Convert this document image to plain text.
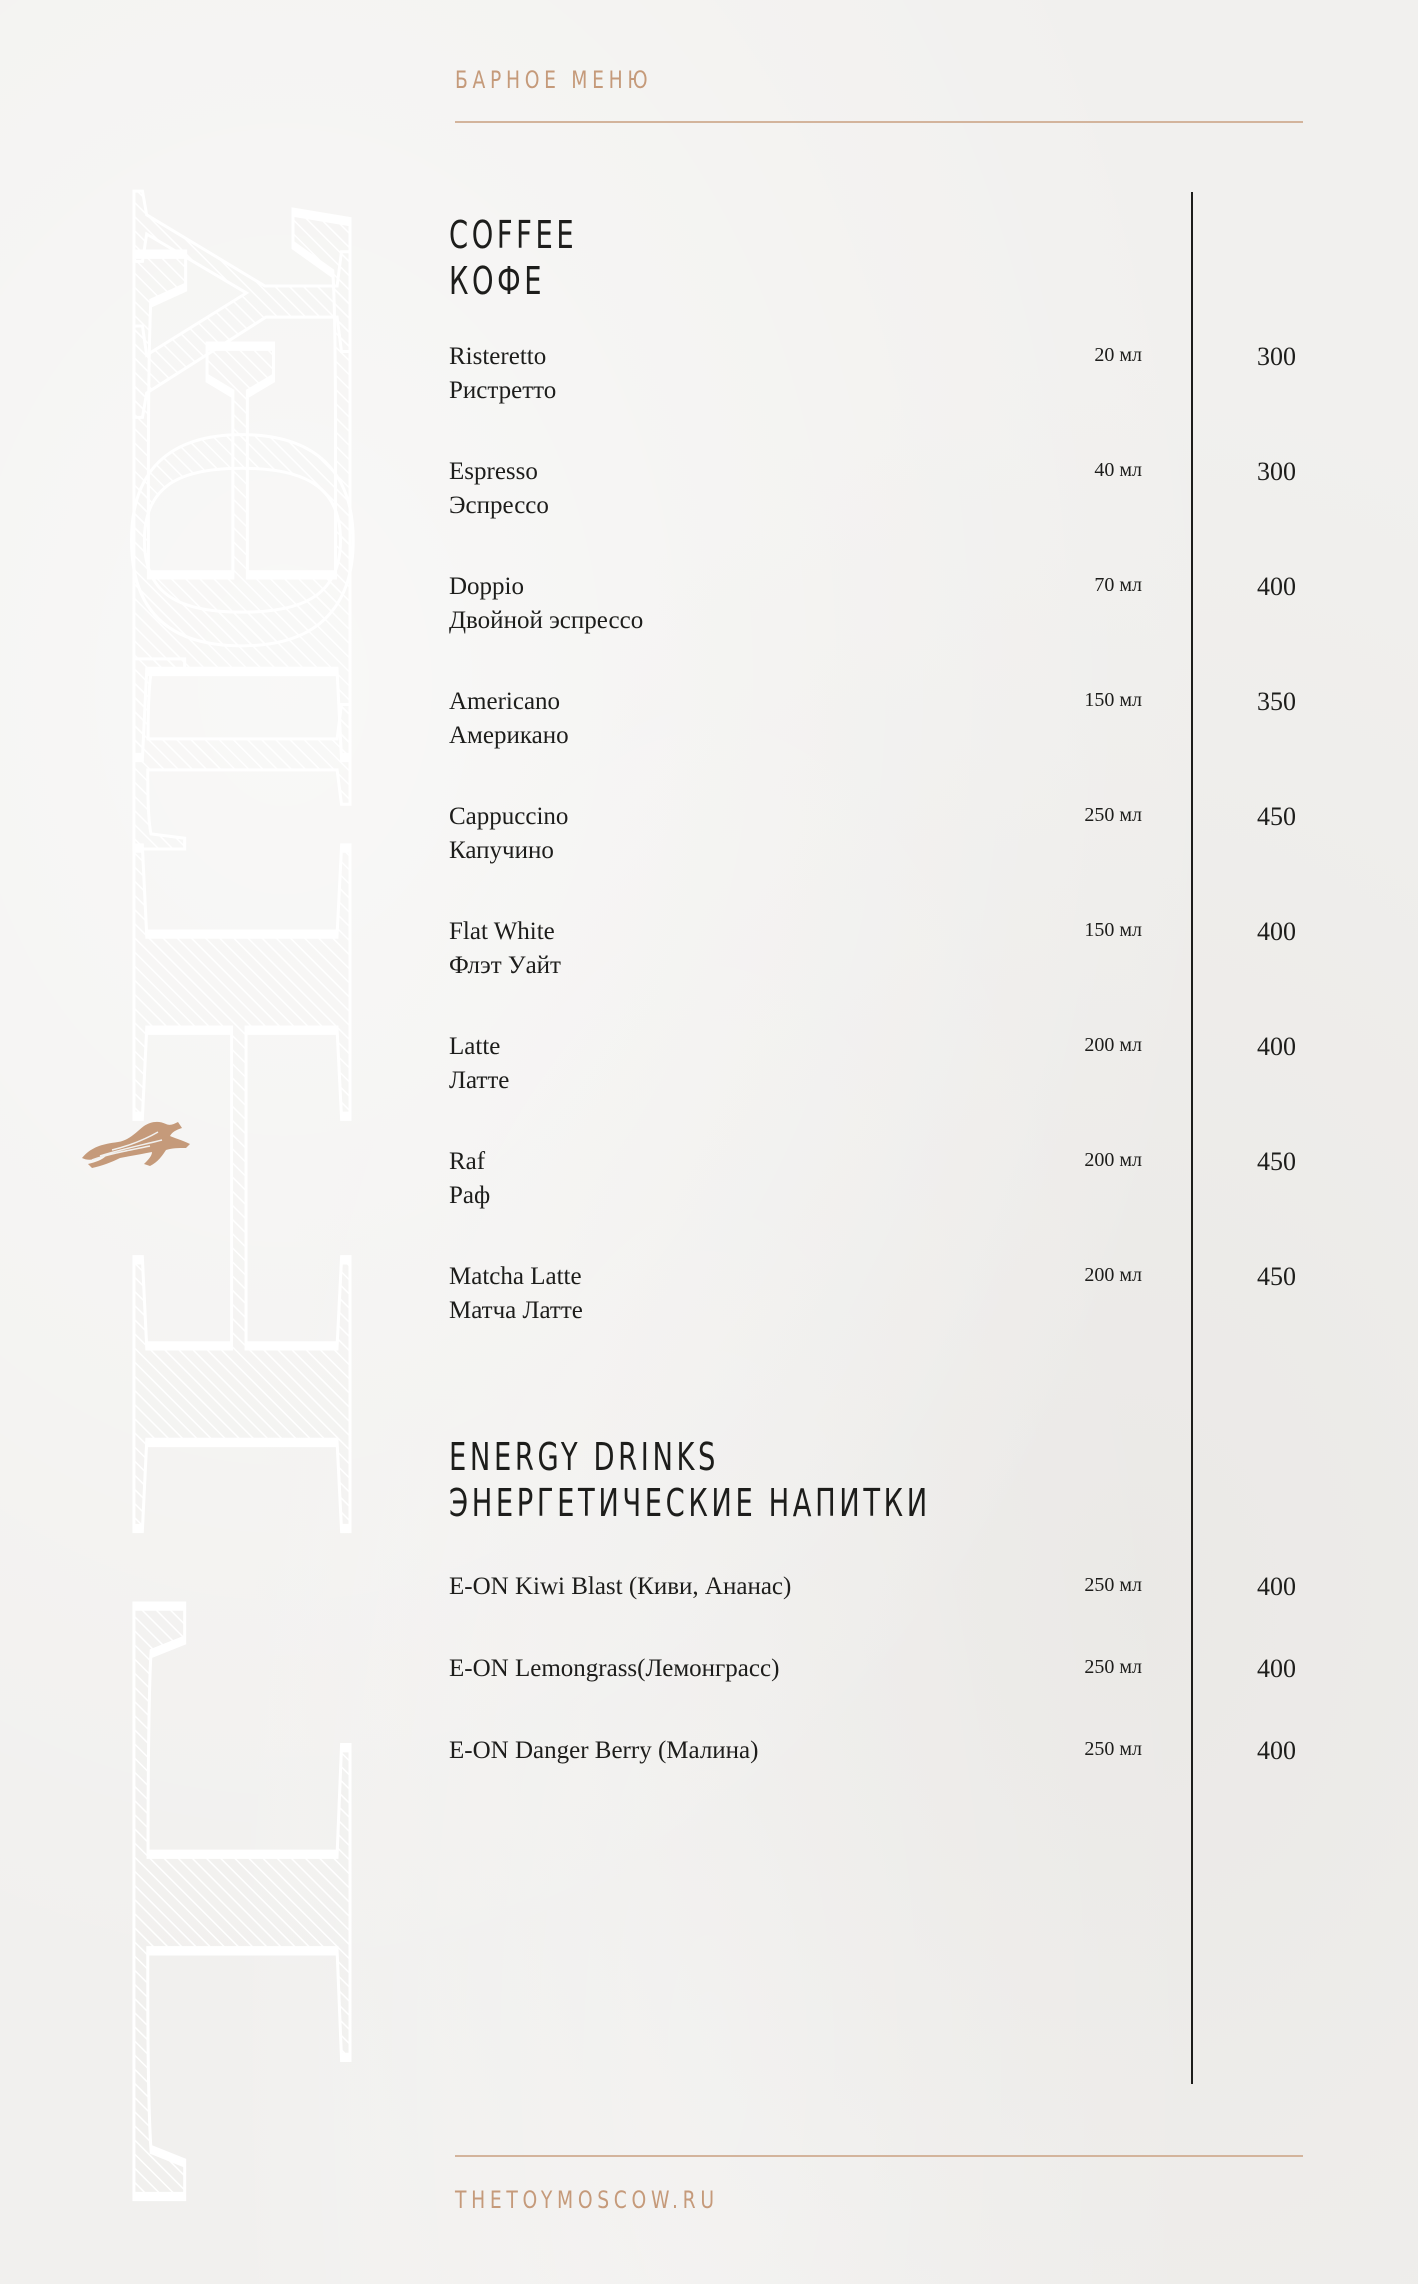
THE
TOY
БАРНОЕ МЕНЮ
COFFEE
КОФЕ
Risteretto
Ристретто
20 мл	300
Espresso
Эспрессо
40 мл	300
Doppio
Двойной эспрессо
70 мл	400
Americano
Американо
150 мл	350
Cappuccino
Капучино
250 мл	450
Flat White
Флэт Уайт
150 мл	400
Latte
Латте
200 мл	400
Raf
Раф
200 мл	450
Matcha Latte
Матча Латте
200 мл	450
ENERGY DRINKS
ЭНЕРГЕТИЧЕСКИЕ НАПИТКИ
E-ON Kiwi Blast (Киви, Ананас)	250 мл	400
E-ON Lemongrass(Лемонграсс)	250 мл	400
E-ON Danger Berry (Малина)	250 мл	400
THETOYMOSCOW.RU
